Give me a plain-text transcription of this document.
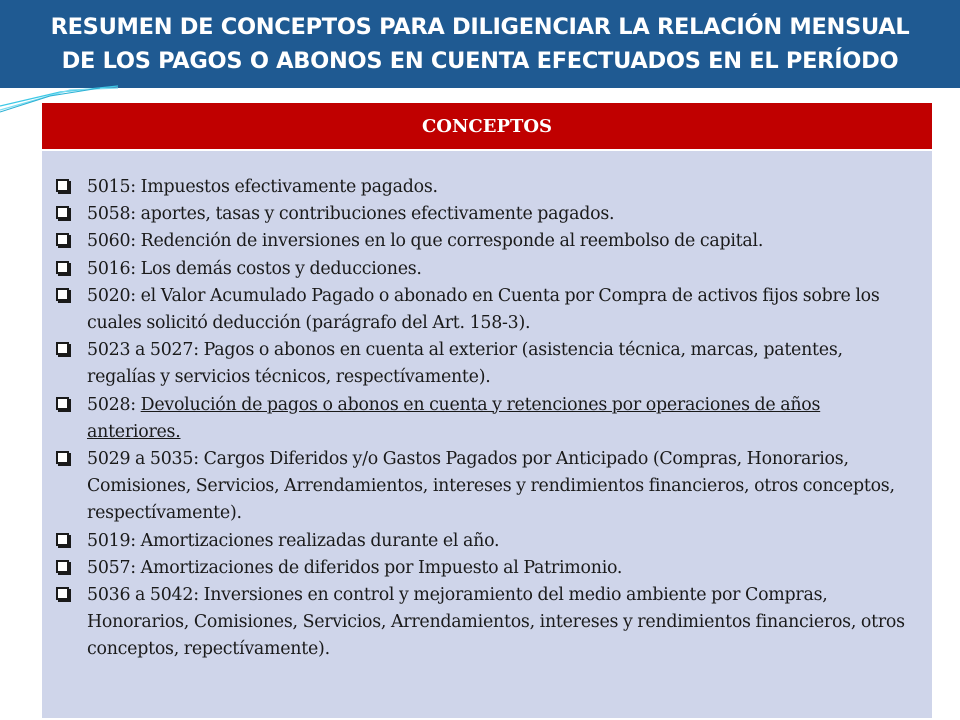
RESUMEN DE CONCEPTOS PARA DILIGENCIAR LA RELACIÓN MENSUAL
DE LOS PAGOS O ABONOS EN CUENTA EFECTUADOS EN EL PERÍODO
CONCEPTOS
5015: Impuestos efectivamente pagados.
5058: aportes, tasas y contribuciones efectivamente pagados.
5060: Redención de inversiones en lo que corresponde al reembolso de capital.
5016: Los demás costos y deducciones.
5020: el Valor Acumulado Pagado o abonado en Cuenta por Compra de activos fijos sobre los cuales solicitó deducción (parágrafo del Art. 158-3).
5023 a 5027: Pagos o abonos en cuenta al exterior (asistencia técnica, marcas, patentes, regalías y servicios técnicos, respectívamente).
5028: Devolución de pagos o abonos en cuenta y retenciones por operaciones de años anteriores.
5029 a 5035: Cargos Diferidos y/o Gastos Pagados por Anticipado (Compras, Honorarios, Comisiones, Servicios, Arrendamientos, intereses y rendimientos financieros, otros conceptos, respectívamente).
5019: Amortizaciones realizadas durante el año.
5057: Amortizaciones de diferidos por Impuesto al Patrimonio.
5036 a 5042: Inversiones en control y mejoramiento del medio ambiente por Compras, Honorarios, Comisiones, Servicios, Arrendamientos, intereses y rendimientos financieros, otros conceptos, repectívamente).
